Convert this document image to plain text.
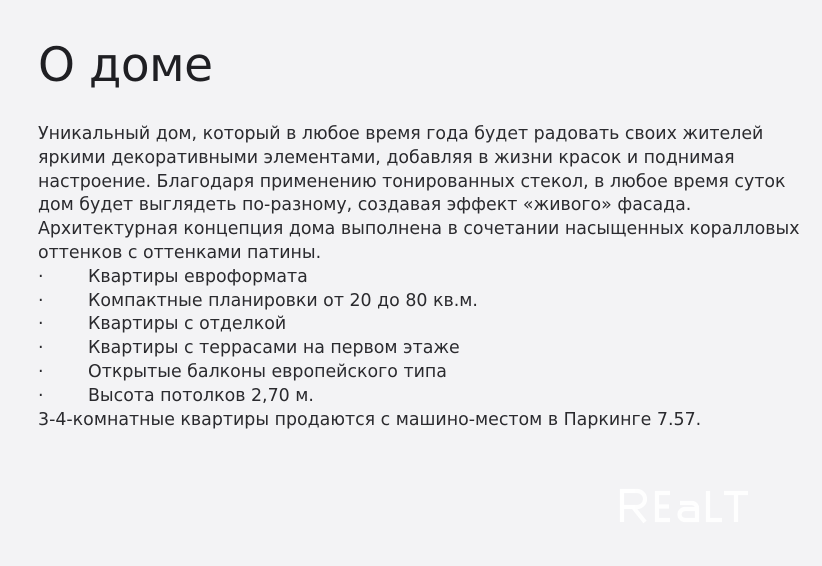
О доме

Уникальный дом, который в любое время года будет радовать своих жителей яркими декоративными элементами, добавляя в жизни красок и поднимая настроение. Благодаря применению тонированных стекол, в любое время суток дом будет выглядеть по-разному, создавая эффект «живого» фасада. Архитектурная концепция дома выполнена в сочетании насыщенных коралловых оттенков с оттенками патины.

·	Квартиры евроформата
·	Компактные планировки от 20 до 80 кв.м.
·	Квартиры с отделкой
·	Квартиры с террасами на первом этаже
·	Открытые балконы европейского типа
·	Высота потолков 2,70 м.

3-4-комнатные квартиры продаются с машино-местом в Паркинге 7.57.
